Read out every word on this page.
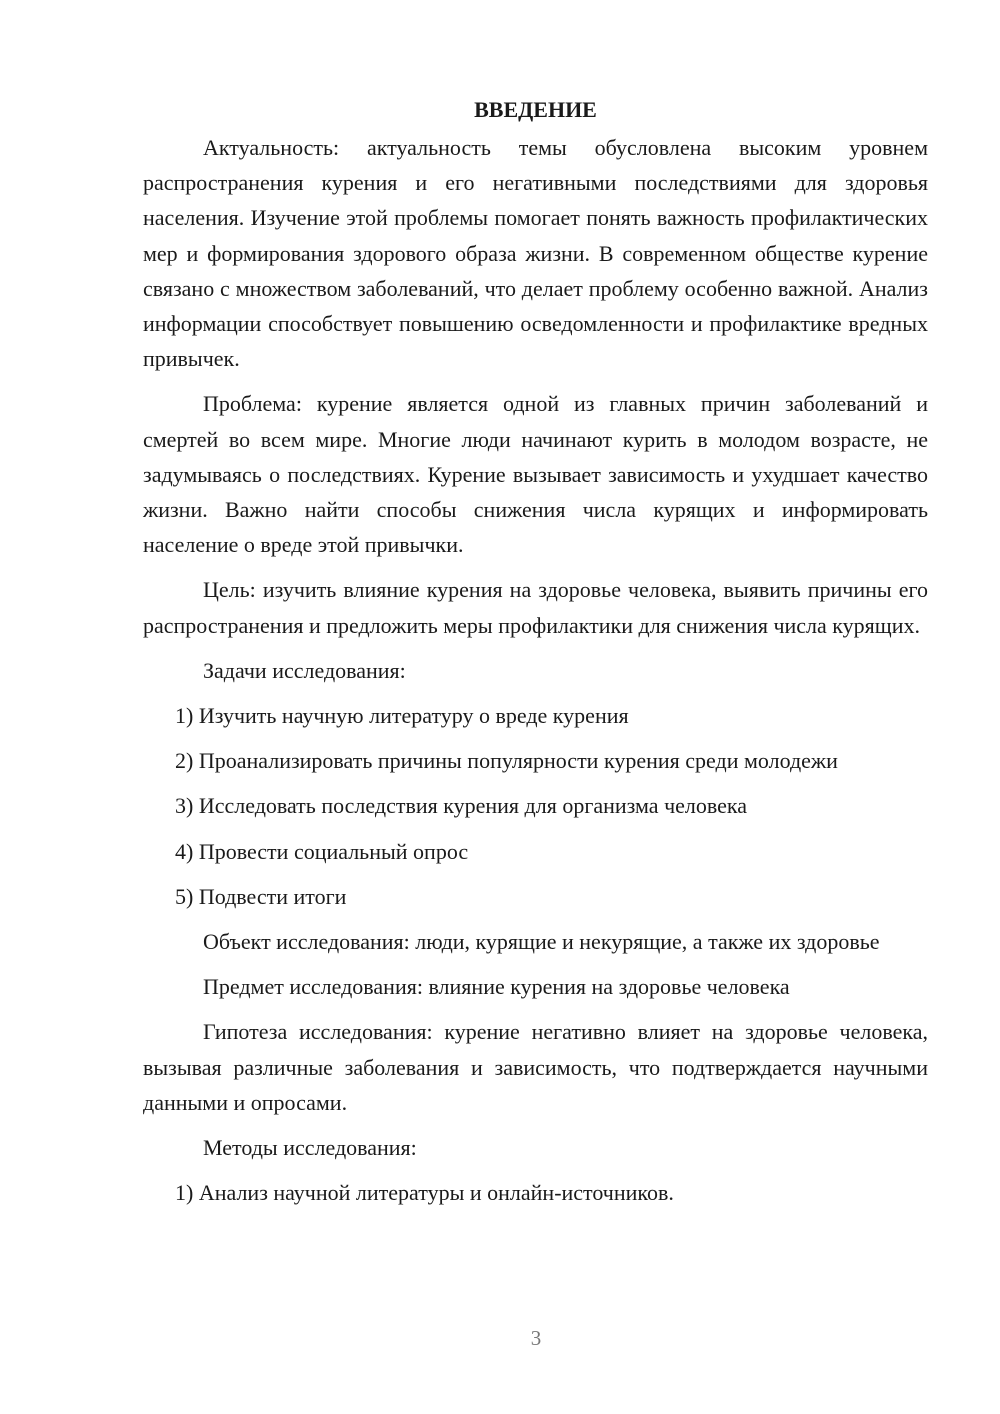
ВВЕДЕНИЕ

Актуальность: актуальность темы обусловлена высоким уровнем распространения курения и его негативными последствиями для здоровья населения. Изучение этой проблемы помогает понять важность профилактических мер и формирования здорового образа жизни. В современном обществе курение связано с множеством заболеваний, что делает проблему особенно важной. Анализ информации способствует повышению осведомленности и профилактике вредных привычек.

Проблема: курение является одной из главных причин заболеваний и смертей во всем мире. Многие люди начинают курить в молодом возрасте, не задумываясь о последствиях. Курение вызывает зависимость и ухудшает качество жизни. Важно найти способы снижения числа курящих и информировать население о вреде этой привычки.

Цель: изучить влияние курения на здоровье человека, выявить причины его распространения и предложить меры профилактики для снижения числа курящих.

Задачи исследования:
1) Изучить научную литературу о вреде курения
2) Проанализировать причины популярности курения среди молодежи
3) Исследовать последствия курения для организма человека
4) Провести социальный опрос
5) Подвести итоги

Объект исследования: люди, курящие и некурящие, а также их здоровье

Предмет исследования: влияние курения на здоровье человека

Гипотеза исследования: курение негативно влияет на здоровье человека, вызывая различные заболевания и зависимость, что подтверждается научными данными и опросами.

Методы исследования:
1) Анализ научной литературы и онлайн-источников.
3
